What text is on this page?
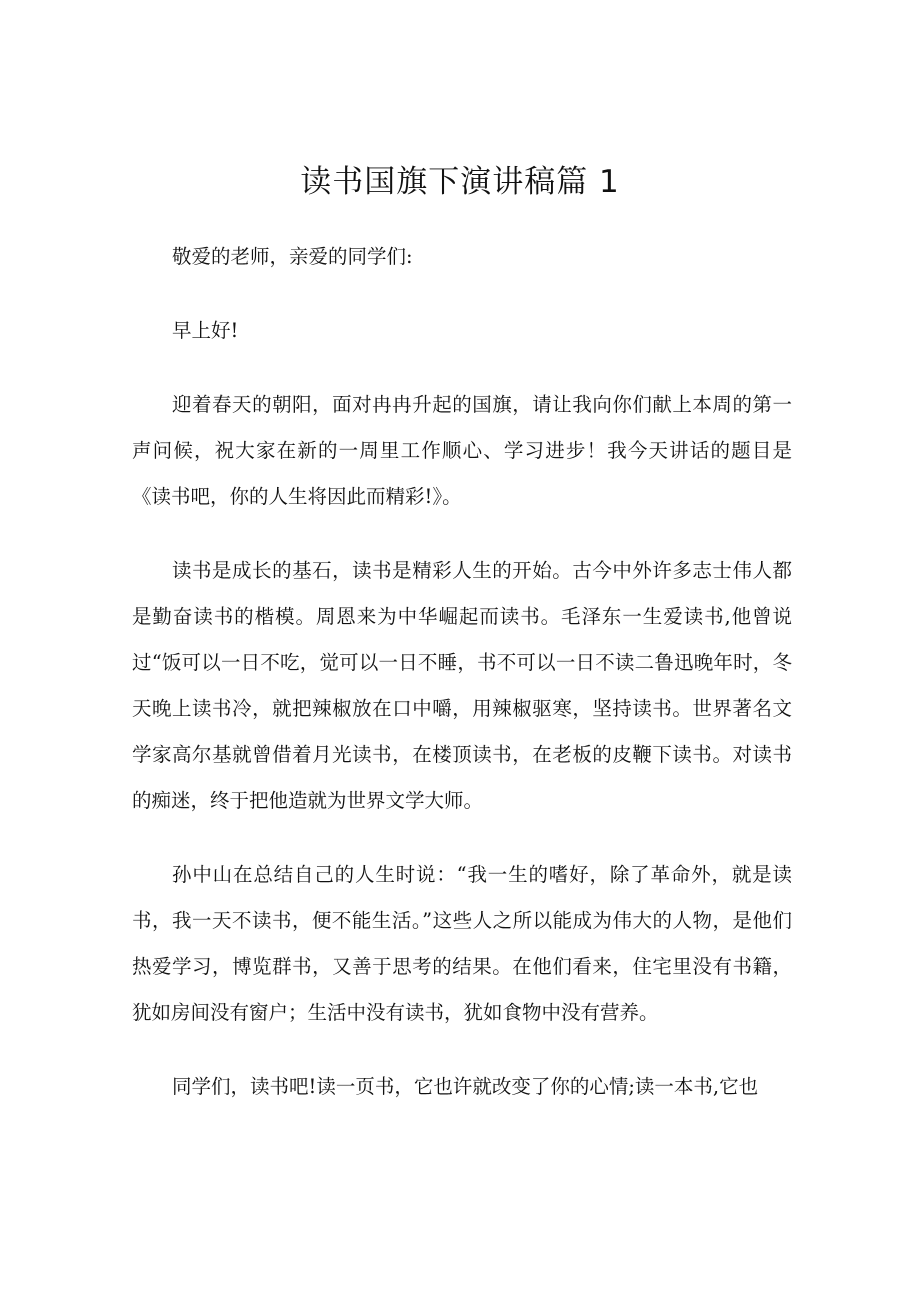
读书国旗下演讲稿篇 1

敬爱的老师，亲爱的同学们:

早上好!

迎着春天的朝阳，面对冉冉升起的国旗，请让我向你们献上本周的第一声问候，祝大家在新的一周里工作顺心、学习进步！我今天讲话的题目是《读书吧，你的人生将因此而精彩!》。

读书是成长的基石，读书是精彩人生的开始。古今中外许多志士伟人都是勤奋读书的楷模。周恩来为中华崛起而读书。毛泽东一生爱读书,他曾说过“饭可以一日不吃，觉可以一日不睡，书不可以一日不读二鲁迅晚年时，冬天晚上读书冷，就把辣椒放在口中嚼，用辣椒驱寒，坚持读书。世界著名文学家高尔基就曾借着月光读书，在楼顶读书，在老板的皮鞭下读书。对读书的痴迷，终于把他造就为世界文学大师。

孙中山在总结自己的人生时说：“我一生的嗜好，除了革命外，就是读书，我一天不读书，便不能生活。”这些人之所以能成为伟大的人物，是他们热爱学习，博览群书，又善于思考的结果。在他们看来，住宅里没有书籍，犹如房间没有窗户；生活中没有读书，犹如食物中没有营养。

同学们，读书吧!读一页书，它也许就改变了你的心情;读一本书,它也
